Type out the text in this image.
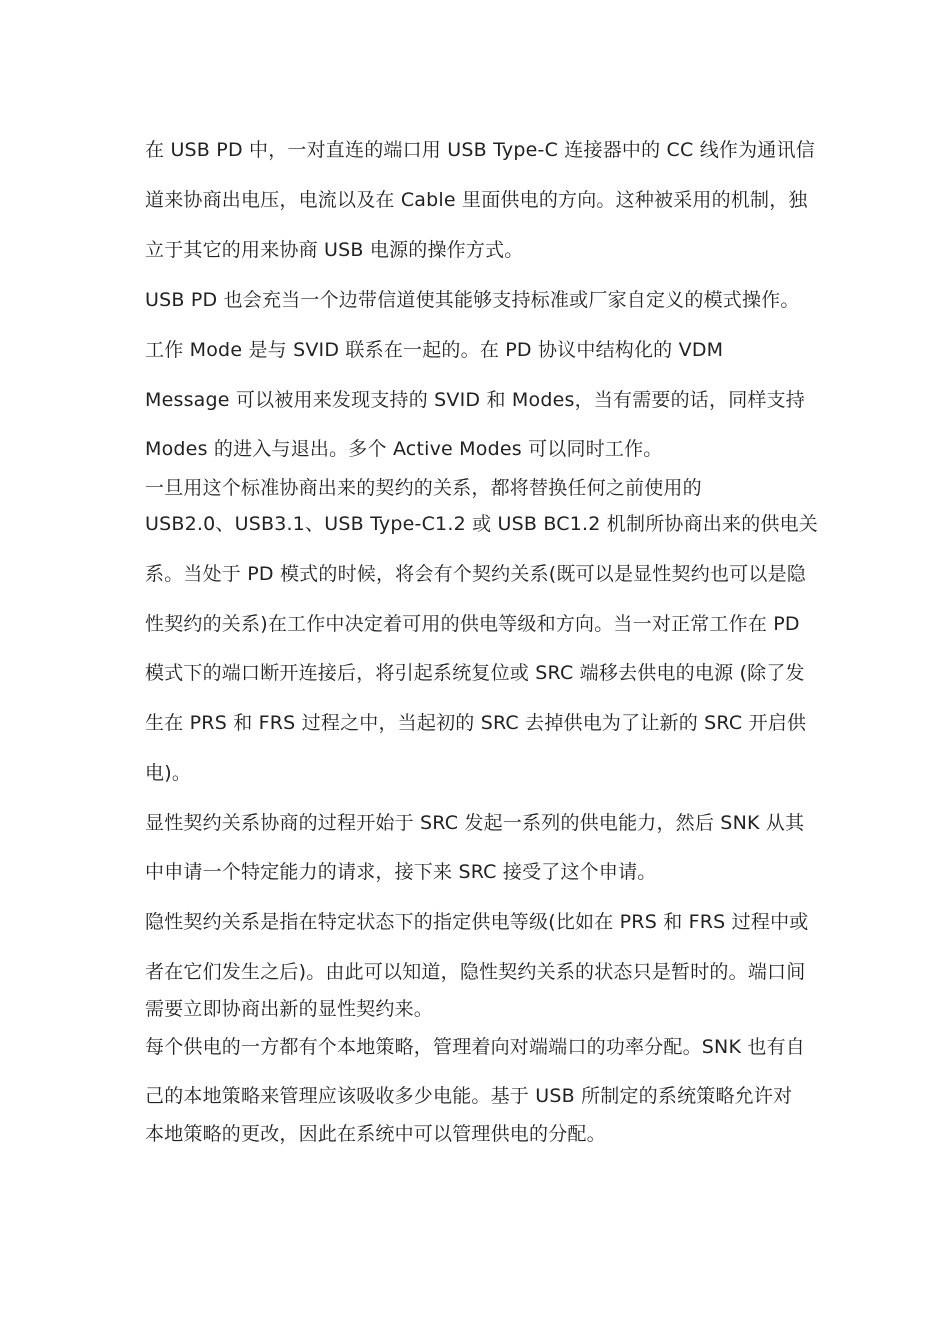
在 USB PD 中，一对直连的端口用 USB Type-C 连接器中的 CC 线作为通讯信
道来协商出电压，电流以及在 Cable 里面供电的方向。这种被采用的机制，独
立于其它的用来协商 USB 电源的操作方式。
USB PD 也会充当一个边带信道使其能够支持标准或厂家自定义的模式操作。
工作 Mode 是与 SVID 联系在一起的。在 PD 协议中结构化的 VDM
Message 可以被用来发现支持的 SVID 和 Modes，当有需要的话，同样支持
Modes 的进入与退出。多个 Active Modes 可以同时工作。
一旦用这个标准协商出来的契约的关系，都将替换任何之前使用的
USB2.0、USB3.1、USB Type-C1.2 或 USB BC1.2 机制所协商出来的供电关
系。当处于 PD 模式的时候，将会有个契约关系(既可以是显性契约也可以是隐
性契约的关系)在工作中决定着可用的供电等级和方向。当一对正常工作在 PD
模式下的端口断开连接后，将引起系统复位或 SRC 端移去供电的电源 (除了发
生在 PRS 和 FRS 过程之中，当起初的 SRC 去掉供电为了让新的 SRC 开启供
电)。
显性契约关系协商的过程开始于 SRC 发起一系列的供电能力，然后 SNK 从其
中申请一个特定能力的请求，接下来 SRC 接受了这个申请。
隐性契约关系是指在特定状态下的指定供电等级(比如在 PRS 和 FRS 过程中或
者在它们发生之后)。由此可以知道，隐性契约关系的状态只是暂时的。端口间
需要立即协商出新的显性契约来。
每个供电的一方都有个本地策略，管理着向对端端口的功率分配。SNK 也有自
己的本地策略来管理应该吸收多少电能。基于 USB 所制定的系统策略允许对
本地策略的更改，因此在系统中可以管理供电的分配。
